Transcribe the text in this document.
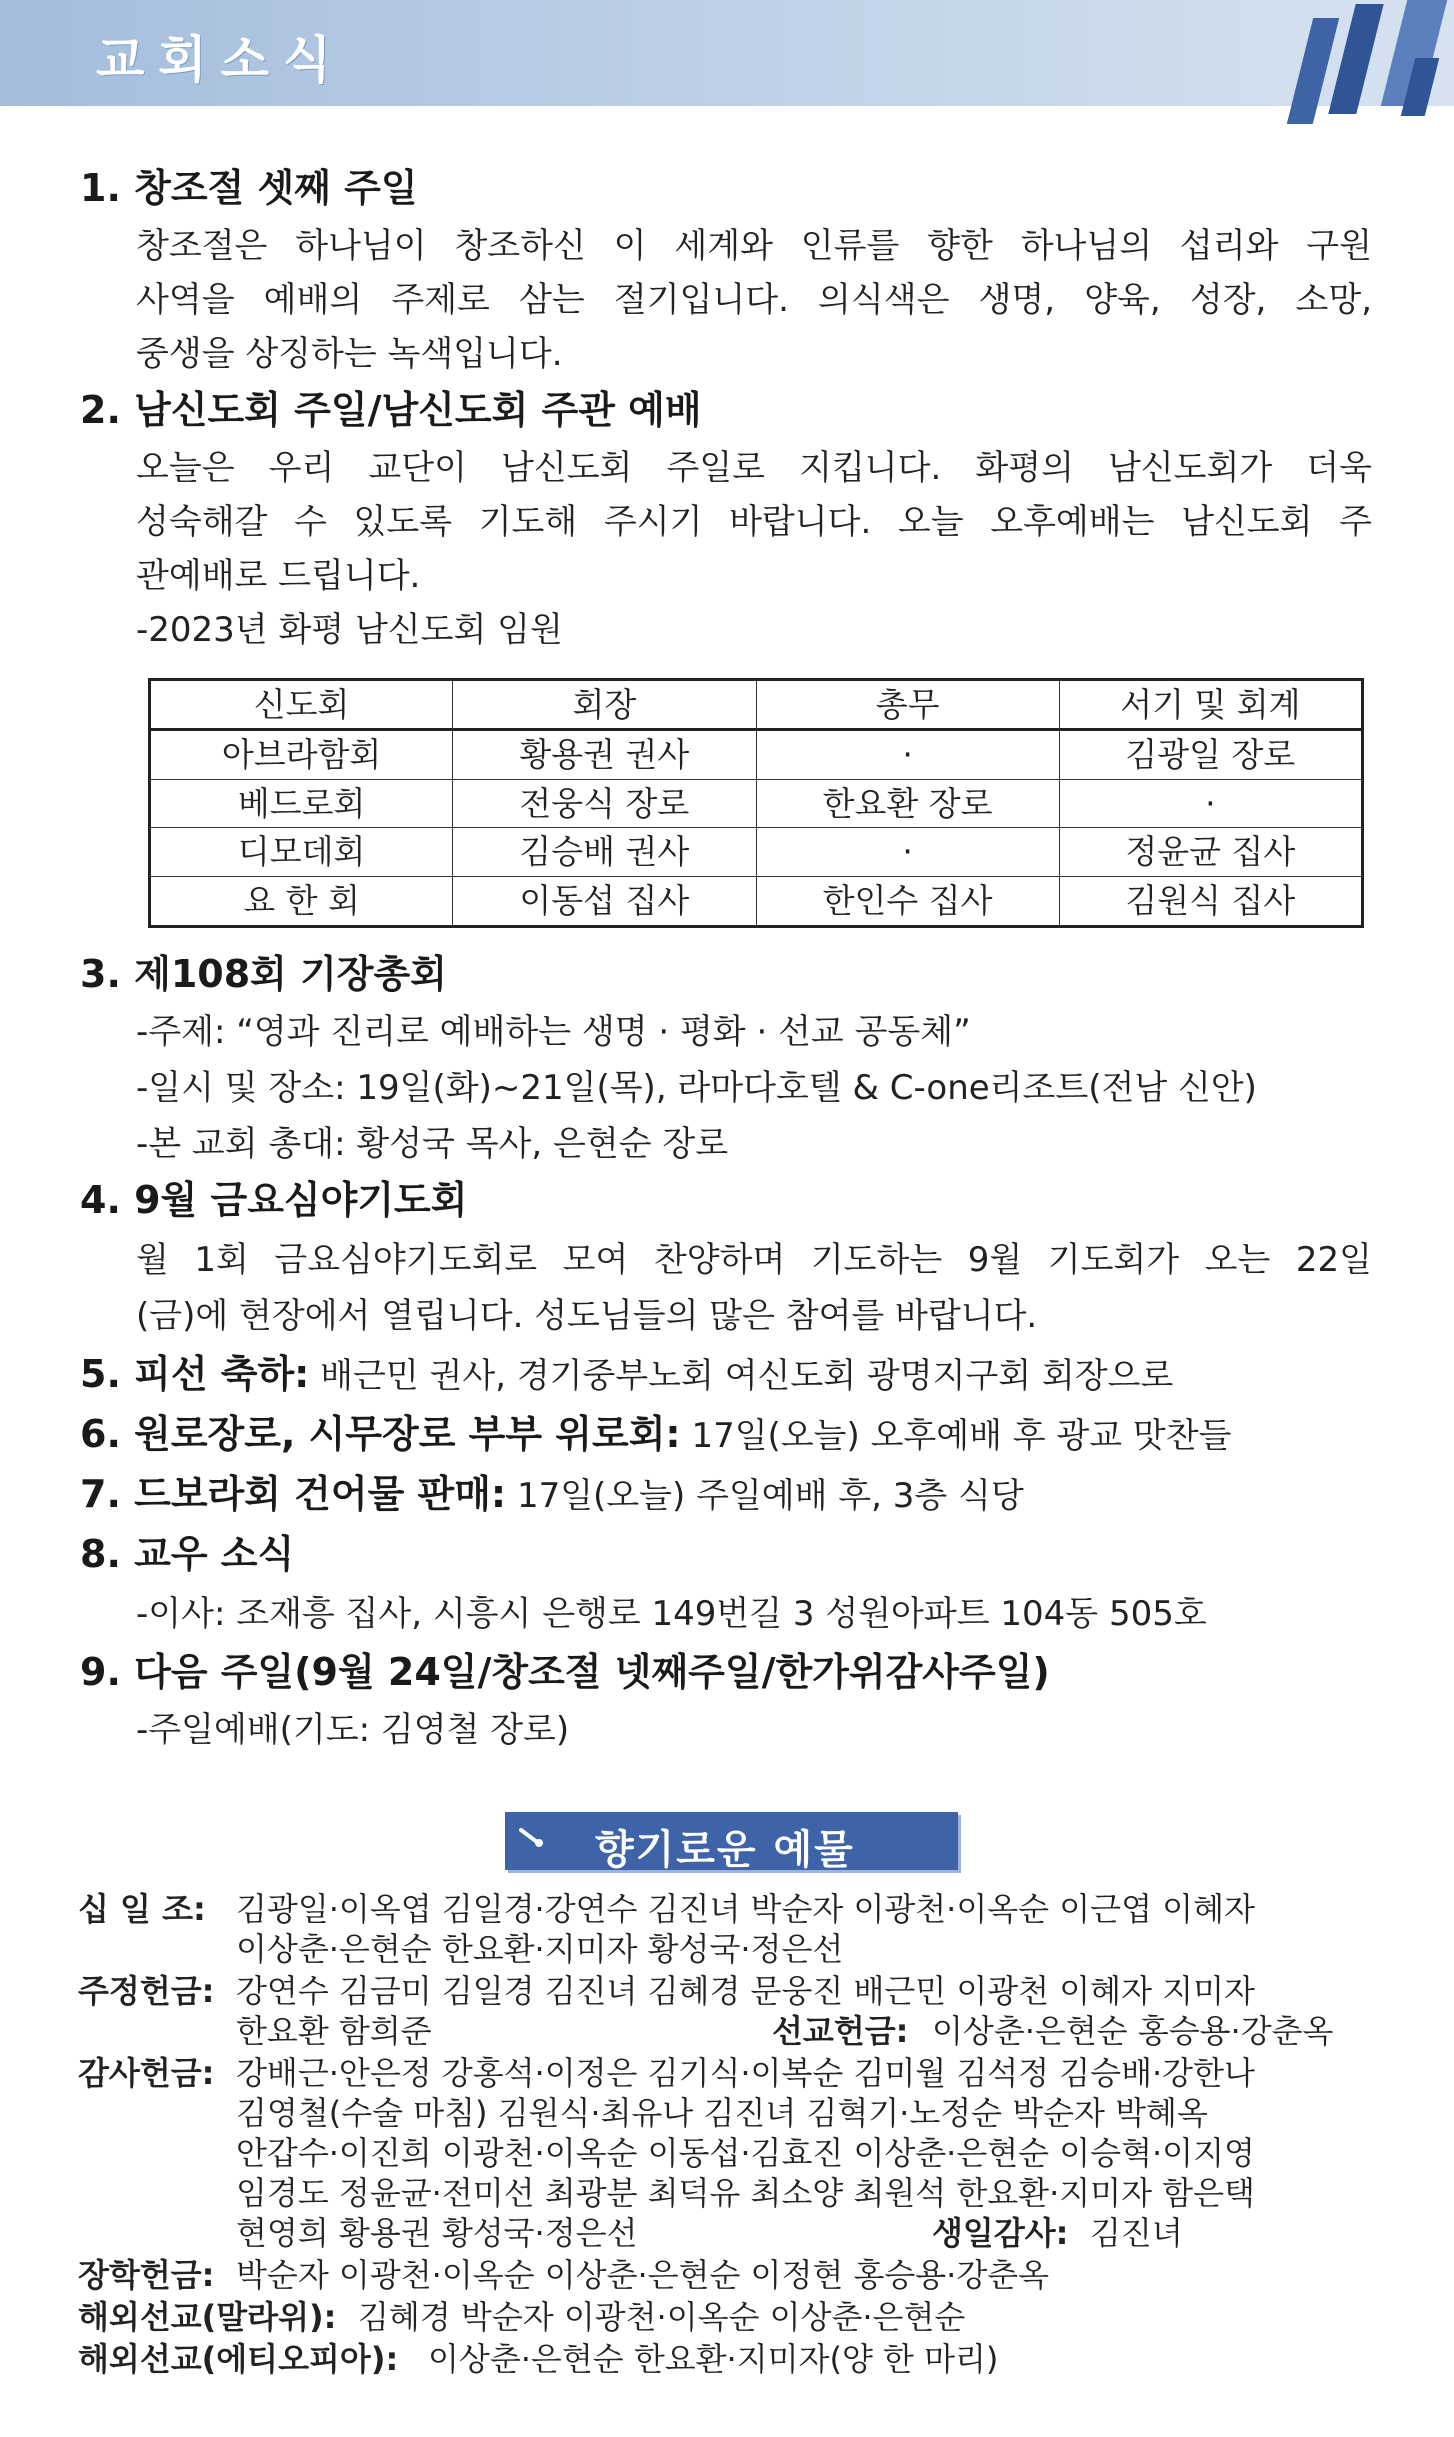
교회소식
1. 창조절 셋째 주일
창조절은 하나님이 창조하신 이 세계와 인류를 향한 하나님의 섭리와 구원
사역을 예배의 주제로 삼는 절기입니다. 의식색은 생명, 양육, 성장, 소망,
중생을 상징하는 녹색입니다.
2. 남신도회 주일/남신도회 주관 예배
오늘은 우리 교단이 남신도회 주일로 지킵니다. 화평의 남신도회가 더욱
성숙해갈 수 있도록 기도해 주시기 바랍니다. 오늘 오후예배는 남신도회 주
관예배로 드립니다.
-2023년 화평 남신도회 임원
신도회	회장	총무	서기 및 회계
아브라함회	황용권 권사	·	김광일 장로
베드로회	전웅식 장로	한요환 장로	·
디모데회	김승배 권사	·	정윤균 집사
요 한 회	이동섭 집사	한인수 집사	김원식 집사
3. 제108회 기장총회
-주제: “영과 진리로 예배하는 생명 · 평화 · 선교 공동체”
-일시 및 장소: 19일(화)~21일(목), 라마다호텔 & C-one리조트(전남 신안)
-본 교회 총대: 황성국 목사, 은현순 장로
4. 9월 금요심야기도회
월 1회 금요심야기도회로 모여 찬양하며 기도하는 9월 기도회가 오는 22일
(금)에 현장에서 열립니다. 성도님들의 많은 참여를 바랍니다.
5. 피선 축하: 배근민 권사, 경기중부노회 여신도회 광명지구회 회장으로
6. 원로장로, 시무장로 부부 위로회: 17일(오늘) 오후예배 후 광교 맛찬들
7. 드보라회 건어물 판매: 17일(오늘) 주일예배 후, 3층 식당
8. 교우 소식
-이사: 조재흥 집사, 시흥시 은행로 149번길 3 성원아파트 104동 505호
9. 다음 주일(9월 24일/창조절 넷째주일/한가위감사주일)
-주일예배(기도: 김영철 장로)
향기로운 예물
십 일 조: 김광일·이옥엽 김일경·강연수 김진녀 박순자 이광천·이옥순 이근엽 이혜자
이상춘·은현순 한요환·지미자 황성국·정은선
주정헌금: 강연수 김금미 김일경 김진녀 김혜경 문웅진 배근민 이광천 이혜자 지미자
한요환 함희준	선교헌금: 이상춘·은현순 홍승용·강춘옥
감사헌금: 강배근·안은정 강홍석·이정은 김기식·이복순 김미월 김석정 김승배·강한나
김영철(수술 마침) 김원식·최유나 김진녀 김혁기·노정순 박순자 박혜옥
안갑수·이진희 이광천·이옥순 이동섭·김효진 이상춘·은현순 이승혁·이지영
임경도 정윤균·전미선 최광분 최덕유 최소양 최원석 한요환·지미자 함은택
현영희 황용권 황성국·정은선	생일감사: 김진녀
장학헌금: 박순자 이광천·이옥순 이상춘·은현순 이정현 홍승용·강춘옥
해외선교(말라위): 김혜경 박순자 이광천·이옥순 이상춘·은현순
해외선교(에티오피아): 이상춘·은현순 한요환·지미자(양 한 마리)
